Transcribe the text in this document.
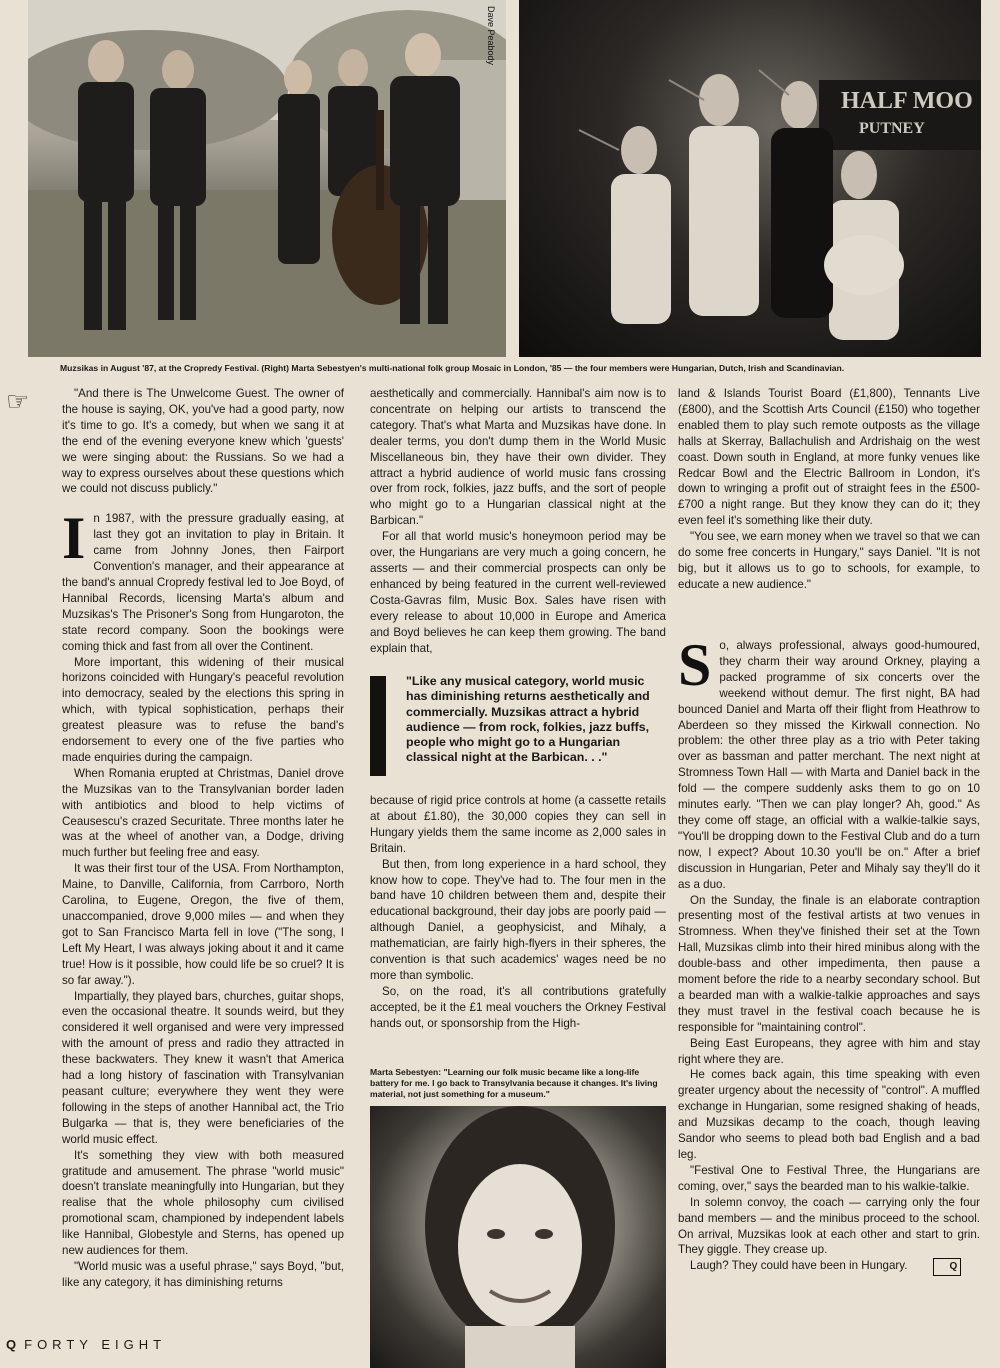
Dave Peabody
HALF MOO
PUTNEY
Muzsikas in August '87, at the Cropredy Festival. (Right) Marta Sebestyen's multi-national folk group Mosaic in London, '85 — the four members were Hungarian, Dutch, Irish and Scandinavian.
☞	"And there is The Unwelcome Guest. The owner of the house is saying, OK, you've had a good party, now it's time to go. It's a comedy, but when we sang it at the end of the evening everyone knew which 'guests' we were singing about: the Russians. So we had a way to express ourselves about these questions which we could not discuss publicly."

In 1987, with the pressure gradually easing, at last they got an invitation to play in Britain. It came from Johnny Jones, then Fairport Convention's manager, and their appearance at the band's annual Cropredy festival led to Joe Boyd, of Hannibal Records, licensing Marta's album and Muzsikas's The Prisoner's Song from Hungaroton, the state record company. Soon the bookings were coming thick and fast from all over the Continent.

More important, this widening of their musical horizons coincided with Hungary's peaceful revolution into democracy, sealed by the elections this spring in which, with typical sophistication, perhaps their greatest pleasure was to refuse the band's endorsement to every one of the five parties who made enquiries during the campaign.

When Romania erupted at Christmas, Daniel drove the Muzsikas van to the Transylvanian border laden with antibiotics and blood to help victims of Ceausescu's crazed Securitate. Three months later he was at the wheel of another van, a Dodge, driving much further but feeling free and easy.

It was their first tour of the USA. From Northampton, Maine, to Danville, California, from Carrboro, North Carolina, to Eugene, Oregon, the five of them, unaccompanied, drove 9,000 miles — and when they got to San Francisco Marta fell in love ("The song, I Left My Heart, I was always joking about it and it came true! How is it possible, how could life be so cruel? It is so far away.").

Impartially, they played bars, churches, guitar shops, even the occasional theatre. It sounds weird, but they considered it well organised and were very impressed with the amount of press and radio they attracted in these backwaters. They knew it wasn't that America had a long history of fascination with Transylvanian peasant culture; everywhere they went they were following in the steps of another Hannibal act, the Trio Bulgarka — that is, they were beneficiaries of the world music effect.

It's something they view with both measured gratitude and amusement. The phrase "world music" doesn't translate meaningfully into Hungarian, but they realise that the whole philosophy cum civilised promotional scam, championed by independent labels like Hannibal, Globestyle and Sterns, has opened up new audiences for them.

"World music was a useful phrase," says Boyd, "but, like any category, it has diminishing returns

aesthetically and commercially. Hannibal's aim now is to concentrate on helping our artists to transcend the category. That's what Marta and Muzsikas have done. In dealer terms, you don't dump them in the World Music Miscellaneous bin, they have their own divider. They attract a hybrid audience of world music fans crossing over from rock, folkies, jazz buffs, and the sort of people who might go to a Hungarian classical night at the Barbican."

For all that world music's honeymoon period may be over, the Hungarians are very much a going concern, he asserts — and their commercial prospects can only be enhanced by being featured in the current well-reviewed Costa-Gavras film, Music Box. Sales have risen with every release to about 10,000 in Europe and America and Boyd believes he can keep them growing. The band explain that,

"Like any musical category, world music has diminishing returns aesthetically and commercially. Muzsikas attract a hybrid audience — from rock, folkies, jazz buffs, people who might go to a Hungarian classical night at the Barbican. . ."

because of rigid price controls at home (a cassette retails at about £1.80), the 30,000 copies they can sell in Hungary yields them the same income as 2,000 sales in Britain.

But then, from long experience in a hard school, they know how to cope. They've had to. The four men in the band have 10 children between them and, despite their educational background, their day jobs are poorly paid — although Daniel, a geophysicist, and Mihaly, a mathematician, are fairly high-flyers in their spheres, the convention is that such academics' wages need be no more than symbolic.

So, on the road, it's all contributions gratefully accepted, be it the £1 meal vouchers the Orkney Festival hands out, or sponsorship from the High-

Marta Sebestyen: "Learning our folk music became like a long-life battery for me. I go back to Transylvania because it changes. It's living material, not just something for a museum."

land & Islands Tourist Board (£1,800), Tennants Live (£800), and the Scottish Arts Council (£150) who together enabled them to play such remote outposts as the village halls at Skerray, Ballachulish and Ardrishaig on the west coast. Down south in England, at more funky venues like Redcar Bowl and the Electric Ballroom in London, it's down to wringing a profit out of straight fees in the £500-£700 a night range. But they know they can do it; they even feel it's something like their duty.

"You see, we earn money when we travel so that we can do some free concerts in Hungary," says Daniel. "It is not big, but it allows us to go to schools, for example, to educate a new audience."

So, always professional, always good-humoured, they charm their way around Orkney, playing a packed programme of six concerts over the weekend without demur. The first night, BA had bounced Daniel and Marta off their flight from Heathrow to Aberdeen so they missed the Kirkwall connection. No problem: the other three play as a trio with Peter taking over as bassman and patter merchant. The next night at Stromness Town Hall — with Marta and Daniel back in the fold — the compere suddenly asks them to go on 10 minutes early. "Then we can play longer? Ah, good." As they come off stage, an official with a walkie-talkie says, "You'll be dropping down to the Festival Club and do a turn now, I expect? About 10.30 you'll be on." After a brief discussion in Hungarian, Peter and Mihaly say they'll do it as a duo.

On the Sunday, the finale is an elaborate contraption presenting most of the festival artists at two venues in Stromness. When they've finished their set at the Town Hall, Muzsikas climb into their hired minibus along with the double-bass and other impedimenta, then pause a moment before the ride to a nearby secondary school. But a bearded man with a walkie-talkie approaches and says they must travel in the festival coach because he is responsible for "maintaining control".

Being East Europeans, they agree with him and stay right where they are.

He comes back again, this time speaking with even greater urgency about the necessity of "control". A muffled exchange in Hungarian, some resigned shaking of heads, and Muzsikas decamp to the coach, though leaving Sandor who seems to plead both bad English and a bad leg.

"Festival One to Festival Three, the Hungarians are coming, over," says the bearded man to his walkie-talkie.

In solemn convoy, the coach — carrying only the four band members — and the minibus proceed to the school. On arrival, Muzsikas look at each other and start to grin. They giggle. They crease up.

Laugh? They could have been in Hungary.	Q

Q FORTY EIGHT
